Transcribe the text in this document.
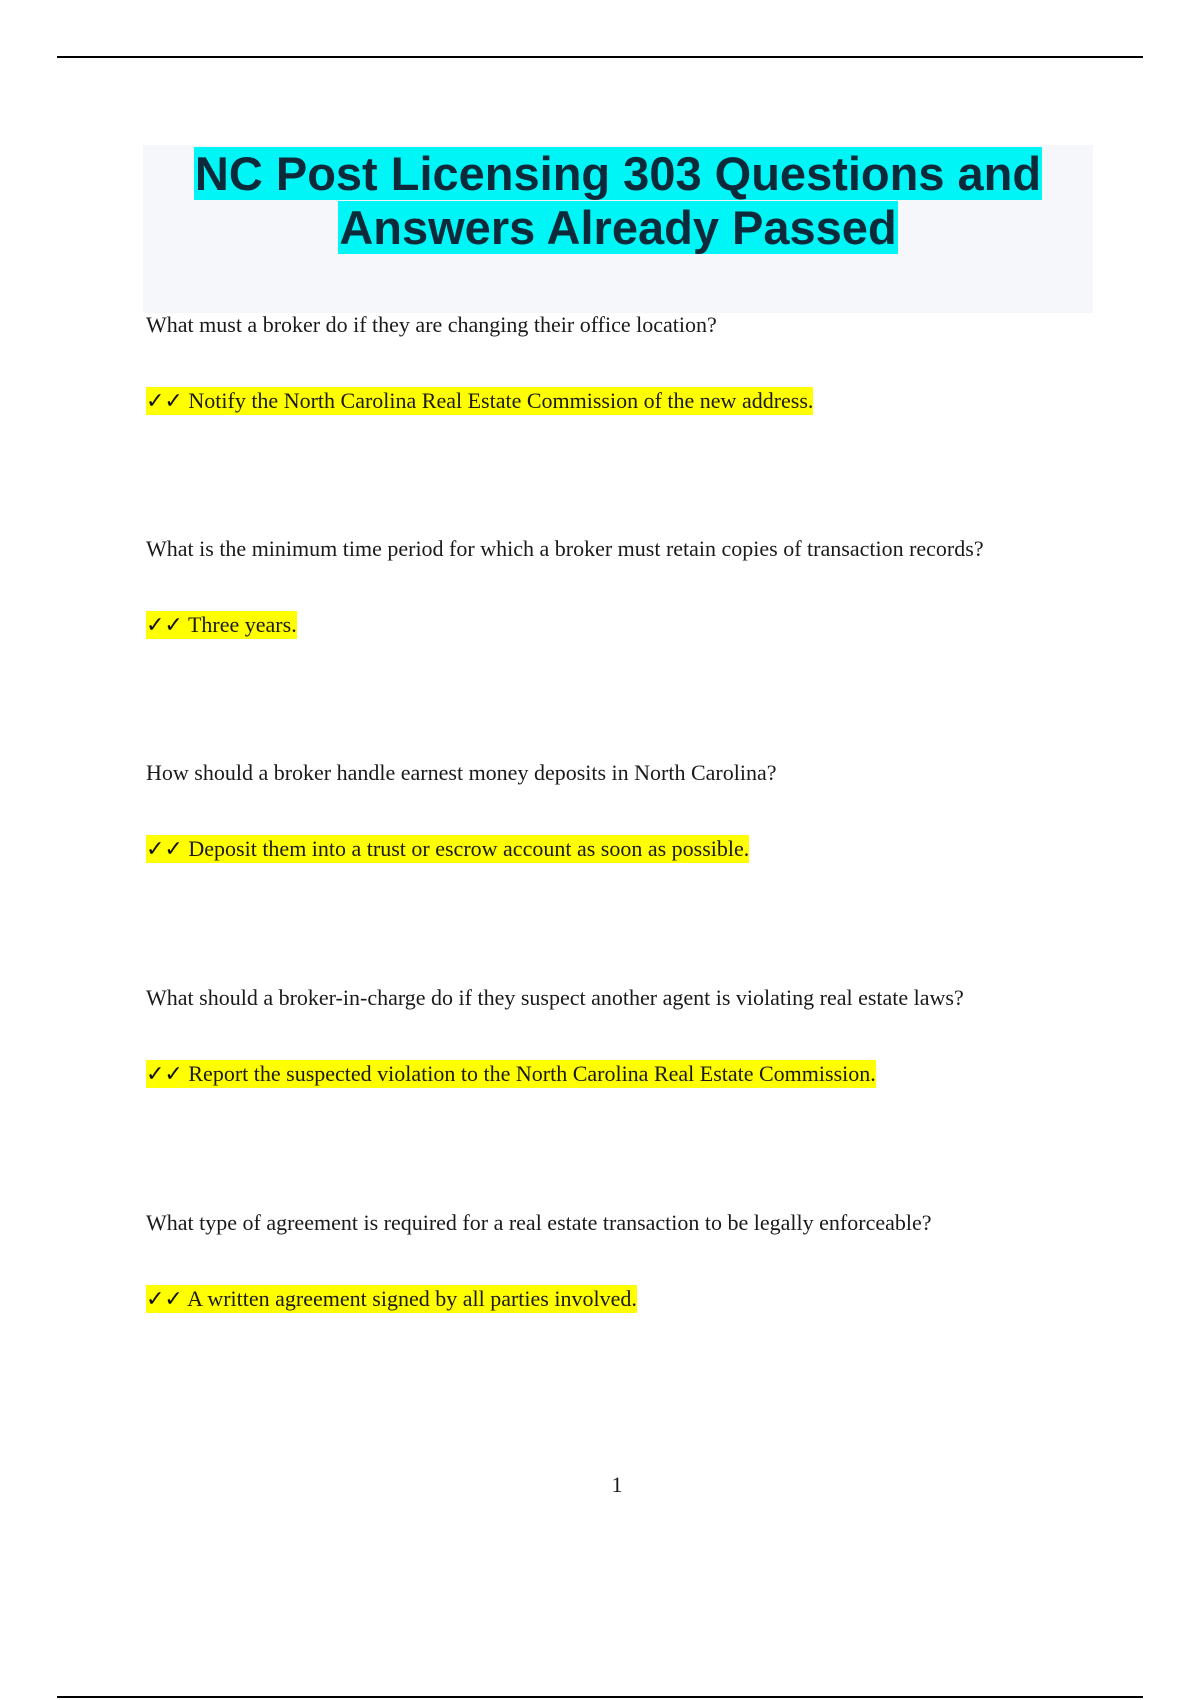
NC Post Licensing 303 Questions and Answers Already Passed

What must a broker do if they are changing their office location?

✓✓ Notify the North Carolina Real Estate Commission of the new address.

What is the minimum time period for which a broker must retain copies of transaction records?

✓✓ Three years.

How should a broker handle earnest money deposits in North Carolina?

✓✓ Deposit them into a trust or escrow account as soon as possible.

What should a broker-in-charge do if they suspect another agent is violating real estate laws?

✓✓ Report the suspected violation to the North Carolina Real Estate Commission.

What type of agreement is required for a real estate transaction to be legally enforceable?

✓✓ A written agreement signed by all parties involved.

1
